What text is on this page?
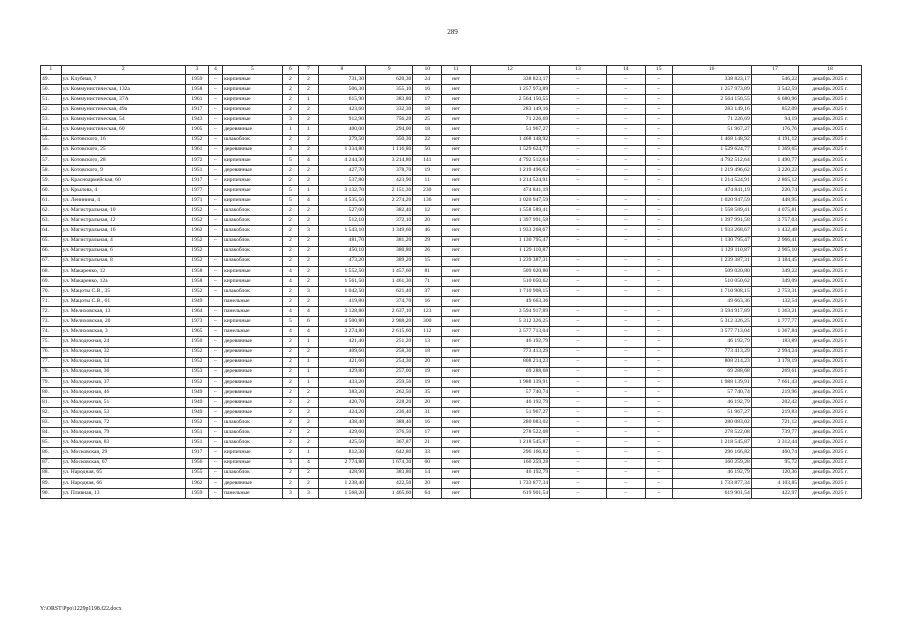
289
1	2	3	4	5	6	7	8	9	10	11	12	13	14	15	16	17	18
49.	ул. Клубная, 7	1959	–	кирпичные	2	2	731,30	620,30	24	нет	338 823,17	–	–	–	338 823,17	546,22	декабрь 2025 г.
50.	ул. Коммунистическая, 132а	1958	–	кирпичные	2	2	506,30	355,10	16	нет	1 257 973,89	–	–	–	1 257 973,89	3 542,59	декабрь 2025 г.
51.	ул. Коммунистическая, 37А	1961	–	кирпичные	2	1	615,90	383,80	17	нет	2 564 150,55	–	–	–	2 564 150,55	6 680,96	декабрь 2025 г.
52.	ул. Коммунистическая, 49а	1917	–	кирпичные	2	2	423,60	332,30	18	нет	283 149,16	–	–	–	283 149,16	852,09	декабрь 2025 г.
53.	ул. Коммунистическая, 54	1943	–	кирпичные	3	2	912,90	756,20	25	нет	71 226,69	–	–	–	71 226,69	94,19	декабрь 2025 г.
54.	ул. Коммунистическая, 60	1905	–	деревянные	1	1	400,00	294,00	18	нет	51 967,27	–	–	–	51 967,27	176,76	декабрь 2025 г.
55.	ул. Котовского, 16	1952	–	шлакоблок	2	2	379,50	350,30	22	нет	1 468 148,92	–	–	–	1 468 148,92	4 191,12	декабрь 2025 г.
56.	ул. Котовского, 25	1961	–	деревянные	3	2	1 334,80	1 116,80	50	нет	1 529 624,77	–	–	–	1 529 624,77	1 369,65	декабрь 2025 г.
57.	ул. Котовского, 28	1972	–	кирпичные	5	4	4 244,30	3 214,80	141	нет	4 792 512,64	–	–	–	4 792 512,64	1 490,77	декабрь 2025 г.
58.	ул. Котовского, 9	1951	–	деревянные	2	2	427,70	378,70	19	нет	1 219 496,62	–	–	–	1 219 496,62	3 220,22	декабрь 2025 г.
59.	ул. Красноармейская, 60	1917	–	кирпичные	2	2	537,80	423,90	11	нет	1 214 524,91	–	–	–	1 214 524,91	2 865,12	декабрь 2025 г.
60.	ул. Крылова, 4	1977		кирпичные	5	1	3 132,70	2 151,30	230	нет	474 841,19				474 841,19	220,74	декабрь 2025 г.
61.	ул. Ленинина, 4	1971	–	кирпичные	5	4	4 535,50	2 274,20	136	нет	1 020 947,59	–	–	–	1 020 947,59	448,95	декабрь 2025 г.
62.	ул. Магистральная, 10	1952	–	шлакоблок	2	2	527,00	382,40	12	нет	1 558 589,41	–	–	–	1 558 589,41	4 075,81	декабрь 2025 г.
63.	ул. Магистральная, 12	1952	–	шлакоблок	2	2	512,10	372,10	20	нет	1 397 991,58	–	–	–	1 397 991,58	3 757,03	декабрь 2025 г.
64.	ул. Магистральная, 16	1962	–	шлакоблок	2	3	1 543,10	1 349,60	46	нет	1 933 268,67	–	–	–	1 933 268,67	1 432,48	декабрь 2025 г.
65.	ул. Магистральная, 4	1952	–	шлакоблок	2	2	481,70	381,20	29	нет	1 130 795,47	–	–	–	1 130 795,47	2 966,41	декабрь 2025 г.
66.	ул. Магистральная, 6	1952		шлакоблок	2	2	450,10	380,80	26	нет	1 129 110,87				1 129 110,87	2 965,10	декабрь 2025 г.
67.	ул. Магистральная, 8	1952	–	шлакоблок	2	2	473,20	389,20	15	нет	1 239 387,31	–	–	–	1 239 387,31	3 184,45	декабрь 2025 г.
68.	ул. Макаренко, 12	1958	–	кирпичные	4	2	1 552,50	1 457,60	81	нет	509 020,80	–	–	–	509 020,80	349,22	декабрь 2025 г.
69.	ул. Макаренко, 12а	1958	–	кирпичные	4	2	1 561,50	1 461,30	71	нет	510 050,62	–	–	–	510 050,62	349,09	декабрь 2025 г.
70.	ул. Мацоты С.В., 35	1952	–	шлакоблок	2	3	1 042,50	621,40	37	нет	1 710 908,15	–	–	–	1 710 908,15	2 753,31	декабрь 2025 г.
71.	ул. Мацоты С.В., 61	1949		панельные	2	2	419,80	374,70	16	нет	49 663,36				49 663,36	132,54	декабрь 2025 г.
72.	ул. Мелиховская, 13	1964	–	панельные	4	4	3 128,80	2 637,10	123	нет	3 594 917,89	–	–	–	3 594 917,89	1 363,21	декабрь 2025 г.
73.	ул. Мелиховская, 20	1973	–	кирпичные	5	6	4 500,80	2 988,20	300	нет	5 312 326,25	–	–	–	5 312 326,25	1 777,77	декабрь 2025 г.
74.	ул. Мелиховская, 3	1965	–	панельные	4	4	3 274,80	2 615,60	112	нет	3 577 713,04	–	–	–	3 577 713,04	1 367,84	декабрь 2025 г.
75.	ул. Молодежная, 24	1950	–	деревянные	2	1	421,40	251,20	13	нет	46 192,79	–	–	–	46 192,79	183,89	декабрь 2025 г.
76.	ул. Молодежная, 32	1952	–	деревянные	2	2	409,60	258,30	18	нет	773 413,29	–	–	–	773 413,29	2 994,24	декабрь 2025 г.
77.	ул. Молодежная, 34	1952	–	деревянные	2	1	421,60	254,30	20	нет	808 214,23	–	–	–	808 214,23	3 178,19	декабрь 2025 г.
78.	ул. Молодежная, 36	1953	–	деревянные	2	1	429,80	257,00	19	нет	69 288,68	–	–	–	69 288,68	269,61	декабрь 2025 г.
79.	ул. Молодежная, 37	1952	–	деревянные	2	1	433,20	259,50	19	нет	1 988 139,91	–	–	–	1 988 139,91	7 661,43	декабрь 2025 г.
80.	ул. Молодежная, 46	1949	–	деревянные	2	2	383,20	262,50	35	нет	57 740,74	–	–	–	57 740,74	219,96	декабрь 2025 г.
81.	ул. Молодежная, 51	1949	–	деревянные	2	2	420,70	228,20	20	нет	46 192,79	–	–	–	46 192,79	202,42	декабрь 2025 г.
82.	ул. Молодежная, 53	1949	–	деревянные	2	2	424,20	236,40	31	нет	51 967,27	–	–	–	51 967,27	219,83	декабрь 2025 г.
83.	ул. Молодежная, 72	1952	–	шлакоблок	2	2	438,40	388,40	16	нет	280 083,02	–	–	–	280 083,02	721,12	декабрь 2025 г.
84.	ул. Молодежная, 79	1951	–	шлакоблок	2	2	429,60	376,50	17	нет	278 522,08	–	–	–	278 522,08	739,77	декабрь 2025 г.
85.	ул. Молодежная, 83	1951	–	шлакоблок	2	2	425,50	367,87	21	нет	1 218 545,87	–	–	–	1 218 545,87	3 312,44	декабрь 2025 г.
86.	ул. Московская, 29	1917	–	кирпичные	2	1	812,30	642,80	33	нет	296 166,82	–	–	–	296 166,82	460,74	декабрь 2025 г.
87.	ул. Московская, 67	1956	–	кирпичные	3	4	2 774,80	1 674,30	60	нет	160 259,28	–	–	–	160 259,28	95,72	декабрь 2025 г.
88.	ул. Народная, 65	1955	–	шлакоблок	2	2	428,90	383,80	14	нет	46 192,79	–	–	–	46 192,79	120,36	декабрь 2025 г.
89.	ул. Народная, 66	1962	–	деревянные	2	2	1 238,40	422,50	20	нет	1 733 877,34	–	–	–	1 733 877,34	4 103,85	декабрь 2025 г.
90.	ул. Пливная, 13	1959	–	панельные	3	3	1 568,20	1 465,60	64	нет	619 901,54	–	–	–	619 901,54	422,97	декабрь 2025 г.
Y:\ORST\Ppo\1229p1198.f22.docx
